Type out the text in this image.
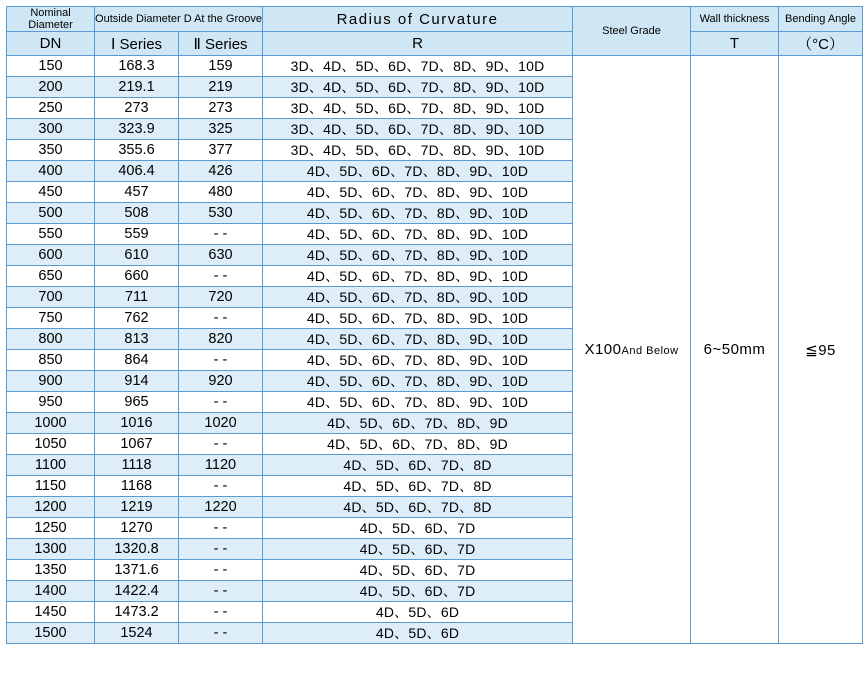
Nominal Diameter	Outside Diameter D At the Groove		Radius of Curvature	Steel Grade	Wall thickness	Bending Angle
DN	Ⅰ Series	Ⅱ Series	R		T	（°C）
150	168.3	159	3D、4D、5D、6D、7D、8D、9D、10D	X100And Below	6~50mm	≦95
200	219.1	219	3D、4D、5D、6D、7D、8D、9D、10D			
250	273	273	3D、4D、5D、6D、7D、8D、9D、10D			
300	323.9	325	3D、4D、5D、6D、7D、8D、9D、10D			
350	355.6	377	3D、4D、5D、6D、7D、8D、9D、10D			
400	406.4	426	4D、5D、6D、7D、8D、9D、10D			
450	457	480	4D、5D、6D、7D、8D、9D、10D			
500	508	530	4D、5D、6D、7D、8D、9D、10D			
550	559	- -	4D、5D、6D、7D、8D、9D、10D			
600	610	630	4D、5D、6D、7D、8D、9D、10D			
650	660	- -	4D、5D、6D、7D、8D、9D、10D			
700	711	720	4D、5D、6D、7D、8D、9D、10D			
750	762	- -	4D、5D、6D、7D、8D、9D、10D			
800	813	820	4D、5D、6D、7D、8D、9D、10D			
850	864	- -	4D、5D、6D、7D、8D、9D、10D			
900	914	920	4D、5D、6D、7D、8D、9D、10D			
950	965	- -	4D、5D、6D、7D、8D、9D、10D			
1000	1016	1020	4D、5D、6D、7D、8D、9D			
1050	1067	- -	4D、5D、6D、7D、8D、9D			
1100	1118	1120	4D、5D、6D、7D、8D			
1150	1168	- -	4D、5D、6D、7D、8D			
1200	1219	1220	4D、5D、6D、7D、8D			
1250	1270	- -	4D、5D、6D、7D			
1300	1320.8	- -	4D、5D、6D、7D			
1350	1371.6	- -	4D、5D、6D、7D			
1400	1422.4	- -	4D、5D、6D、7D			
1450	1473.2	- -	4D、5D、6D			
1500	1524	- -	4D、5D、6D			
